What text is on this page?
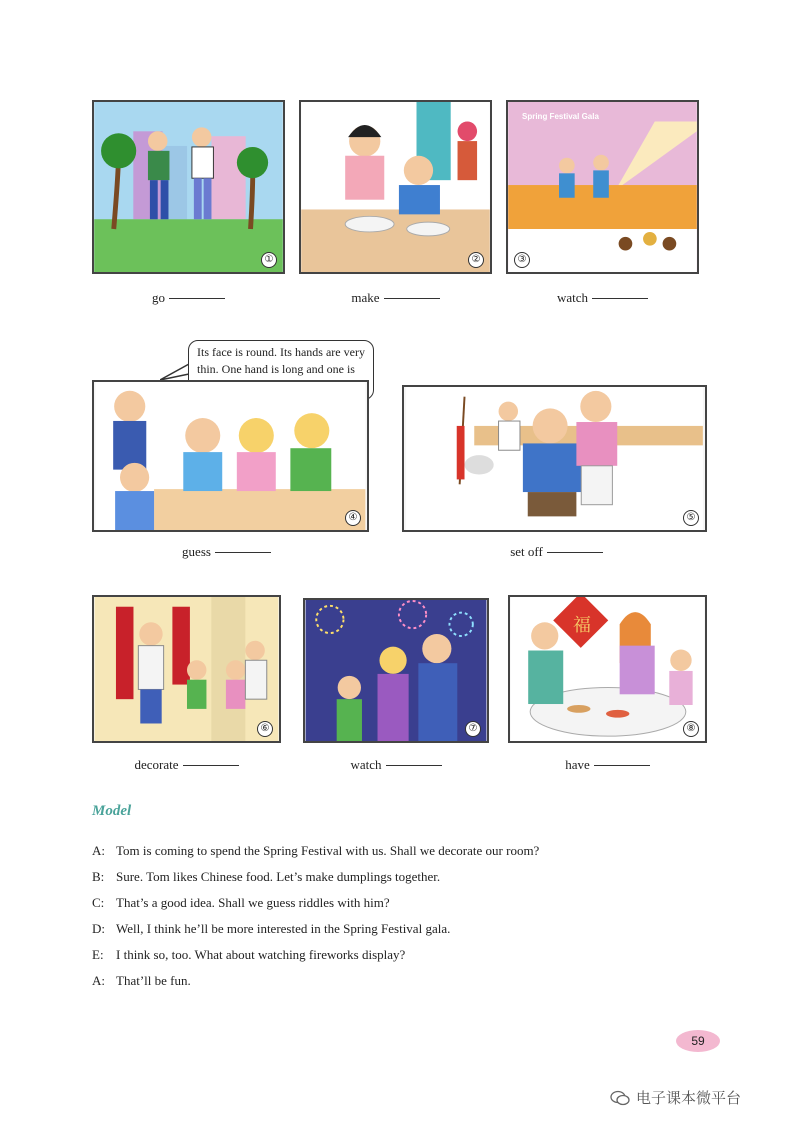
①	②
Spring Festival Gala
③
go	make	watch
Its face is round. Its hands are very thin. One hand is long and one is
④	⑤
guess	set off
⑥	⑦
福
⑧
decorate	watch	have
Model
A: Tom is coming to spend the Spring Festival with us. Shall we decorate our room?
B: Sure. Tom likes Chinese food. Let’s make dumplings together.
C: That’s a good idea. Shall we guess riddles with him?
D: Well, I think he’ll be more interested in the Spring Festival gala.
E: I think so, too. What about watching fireworks display?
A: That’ll be fun.
59
电子课本微平台
